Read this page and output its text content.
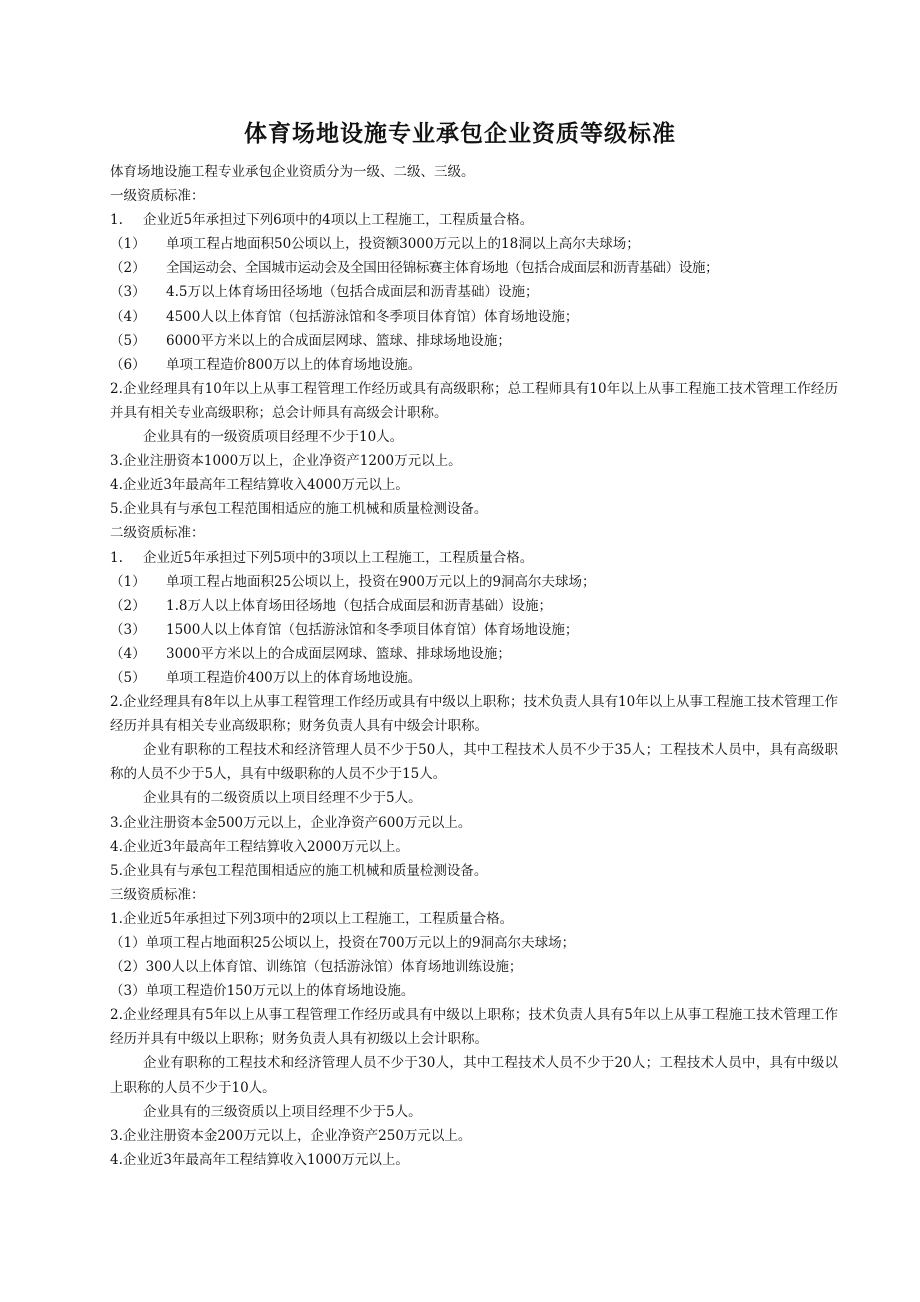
体育场地设施专业承包企业资质等级标准
体育场地设施工程专业承包企业资质分为一级、二级、三级。
一级资质标准：
1. 企业近5年承担过下列6项中的4项以上工程施工，工程质量合格。
（1） 单项工程占地面积50公顷以上，投资额3000万元以上的18洞以上高尔夫球场；
（2） 全国运动会、全国城市运动会及全国田径锦标赛主体育场地（包括合成面层和沥青基础）设施；
（3） 4.5万以上体育场田径场地（包括合成面层和沥青基础）设施；
（4） 4500人以上体育馆（包括游泳馆和冬季项目体育馆）体育场地设施；
（5） 6000平方米以上的合成面层网球、篮球、排球场地设施；
（6） 单项工程造价800万以上的体育场地设施。
2.企业经理具有10年以上从事工程管理工作经历或具有高级职称；总工程师具有10年以上从事工程施工技术管理工作经历并具有相关专业高级职称；总会计师具有高级会计职称。
企业具有的一级资质项目经理不少于10人。
3.企业注册资本1000万以上，企业净资产1200万元以上。
4.企业近3年最高年工程结算收入4000万元以上。
5.企业具有与承包工程范围相适应的施工机械和质量检测设备。
二级资质标准：
1. 企业近5年承担过下列5项中的3项以上工程施工，工程质量合格。
（1） 单项工程占地面积25公顷以上，投资在900万元以上的9洞高尔夫球场；
（2） 1.8万人以上体育场田径场地（包括合成面层和沥青基础）设施；
（3） 1500人以上体育馆（包括游泳馆和冬季项目体育馆）体育场地设施；
（4） 3000平方米以上的合成面层网球、篮球、排球场地设施；
（5） 单项工程造价400万以上的体育场地设施。
2.企业经理具有8年以上从事工程管理工作经历或具有中级以上职称；技术负责人具有10年以上从事工程施工技术管理工作经历并具有相关专业高级职称；财务负责人具有中级会计职称。
企业有职称的工程技术和经济管理人员不少于50人，其中工程技术人员不少于35人；工程技术人员中，具有高级职称的人员不少于5人，具有中级职称的人员不少于15人。
企业具有的二级资质以上项目经理不少于5人。
3.企业注册资本金500万元以上，企业净资产600万元以上。
4.企业近3年最高年工程结算收入2000万元以上。
5.企业具有与承包工程范围相适应的施工机械和质量检测设备。
三级资质标准：
1.企业近5年承担过下列3项中的2项以上工程施工，工程质量合格。
（1）单项工程占地面积25公顷以上，投资在700万元以上的9洞高尔夫球场；
（2）300人以上体育馆、训练馆（包括游泳馆）体育场地训练设施；
（3）单项工程造价150万元以上的体育场地设施。
2.企业经理具有5年以上从事工程管理工作经历或具有中级以上职称；技术负责人具有5年以上从事工程施工技术管理工作经历并具有中级以上职称；财务负责人具有初级以上会计职称。
企业有职称的工程技术和经济管理人员不少于30人，其中工程技术人员不少于20人；工程技术人员中，具有中级以上职称的人员不少于10人。
企业具有的三级资质以上项目经理不少于5人。
3.企业注册资本金200万元以上，企业净资产250万元以上。
4.企业近3年最高年工程结算收入1000万元以上。
